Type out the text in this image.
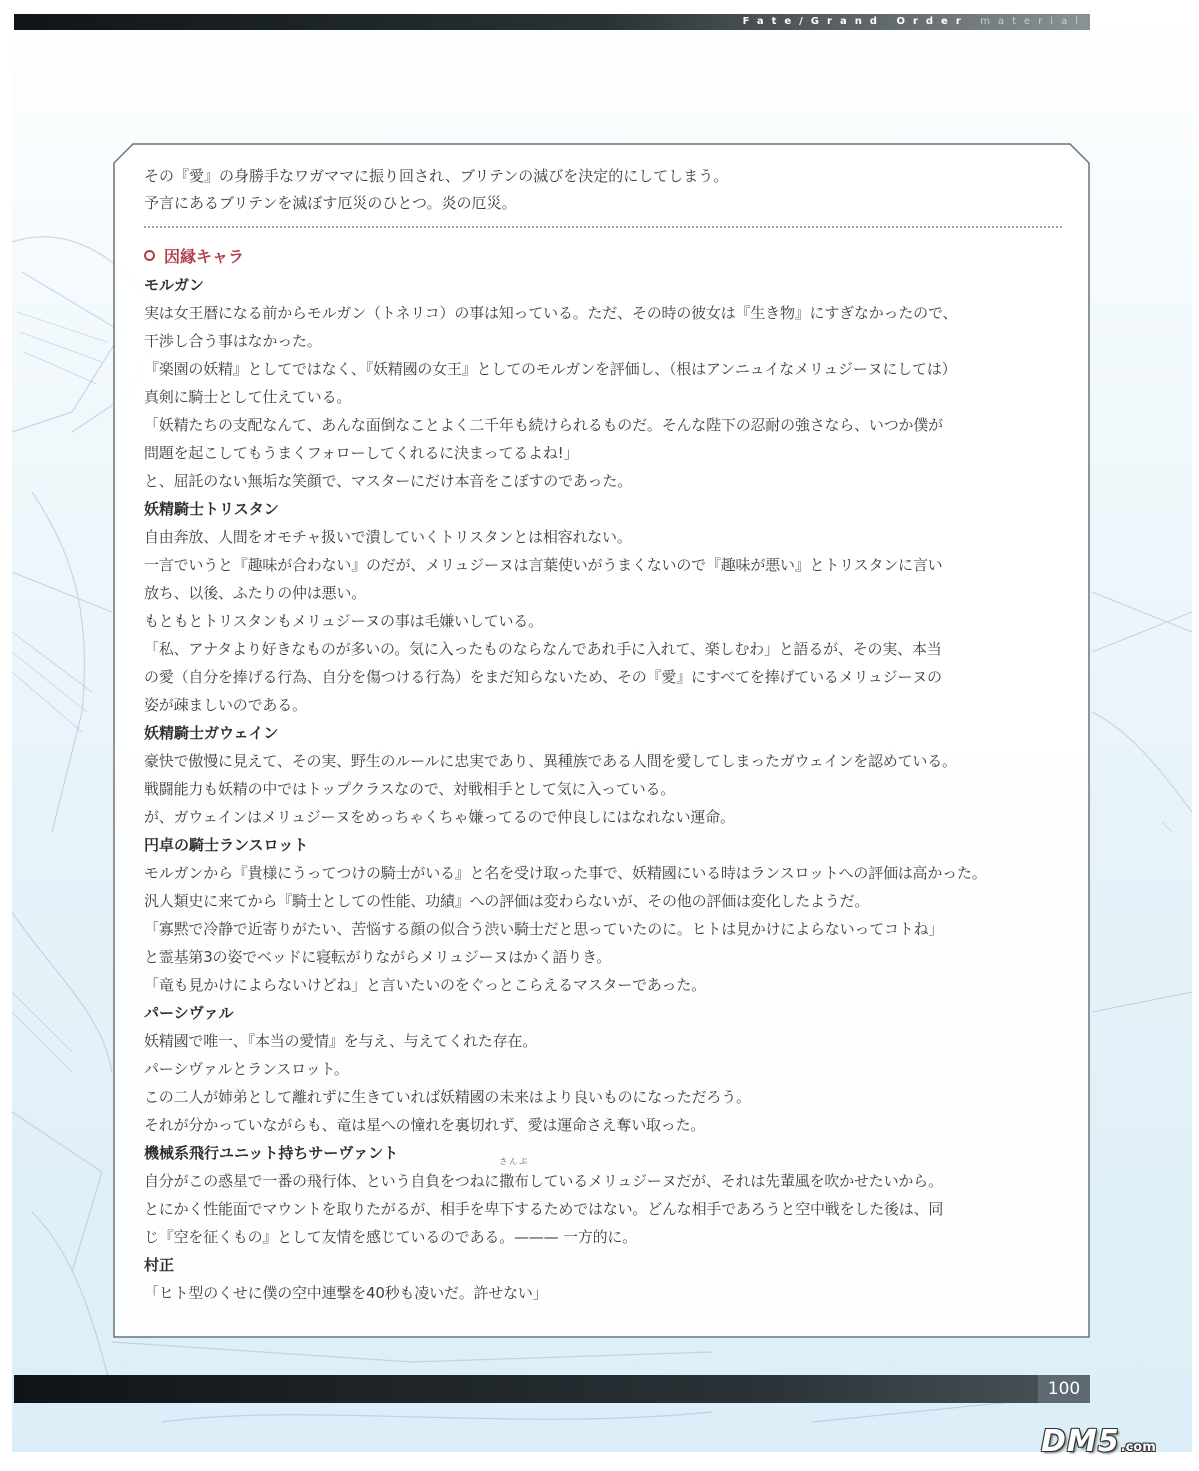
Fate/Grand Order material
その『愛』の身勝手なワガママに振り回され、ブリテンの滅びを決定的にしてしまう。
予言にあるブリテンを滅ぼす厄災のひとつ。炎の厄災。
因縁キャラ
モルガン
実は女王暦になる前からモルガン（トネリコ）の事は知っている。ただ、その時の彼女は『生き物』にすぎなかったので、
干渉し合う事はなかった。
『楽園の妖精』としてではなく、『妖精國の女王』としてのモルガンを評価し、（根はアンニュイなメリュジーヌにしては）
真剣に騎士として仕えている。
「妖精たちの支配なんて、あんな面倒なことよく二千年も続けられるものだ。そんな陛下の忍耐の強さなら、いつか僕が
問題を起こしてもうまくフォローしてくれるに決まってるよね!」
と、屈託のない無垢な笑顔で、マスターにだけ本音をこぼすのであった。
妖精騎士トリスタン
自由奔放、人間をオモチャ扱いで潰していくトリスタンとは相容れない。
一言でいうと『趣味が合わない』のだが、メリュジーヌは言葉使いがうまくないので『趣味が悪い』とトリスタンに言い
放ち、以後、ふたりの仲は悪い。
もともとトリスタンもメリュジーヌの事は毛嫌いしている。
「私、アナタより好きなものが多いの。気に入ったものならなんであれ手に入れて、楽しむわ」と語るが、その実、本当
の愛（自分を捧げる行為、自分を傷つける行為）をまだ知らないため、その『愛』にすべてを捧げているメリュジーヌの
姿が疎ましいのである。
妖精騎士ガウェイン
豪快で傲慢に見えて、その実、野生のルールに忠実であり、異種族である人間を愛してしまったガウェインを認めている。
戦闘能力も妖精の中ではトップクラスなので、対戦相手として気に入っている。
が、ガウェインはメリュジーヌをめっちゃくちゃ嫌ってるので仲良しにはなれない運命。
円卓の騎士ランスロット
モルガンから『貴様にうってつけの騎士がいる』と名を受け取った事で、妖精國にいる時はランスロットへの評価は高かった。
汎人類史に来てから『騎士としての性能、功績』への評価は変わらないが、その他の評価は変化したようだ。
「寡黙で冷静で近寄りがたい、苦悩する顔の似合う渋い騎士だと思っていたのに。ヒトは見かけによらないってコトね」
と霊基第3の姿でベッドに寝転がりながらメリュジーヌはかく語りき。
「竜も見かけによらないけどね」と言いたいのをぐっとこらえるマスターであった。
パーシヴァル
妖精國で唯一、『本当の愛情』を与え、与えてくれた存在。
パーシヴァルとランスロット。
この二人が姉弟として離れずに生きていれば妖精國の未来はより良いものになっただろう。
それが分かっていながらも、竜は星への憧れを裏切れず、愛は運命さえ奪い取った。
機械系飛行ユニット持ちサーヴァント
自分がこの惑星で一番の飛行体、という自負をつねに
さんぷ
撒布しているメリュジーヌだが、それは先輩風を吹かせたいから。
とにかく性能面でマウントを取りたがるが、相手を卑下するためではない。どんな相手であろうと空中戦をした後は、同
じ『空を征くもの』として友情を感じているのである。——— 一方的に。
村正
「ヒト型のくせに僕の空中連撃を40秒も凌いだ。許せない」
100
DM5 .com
